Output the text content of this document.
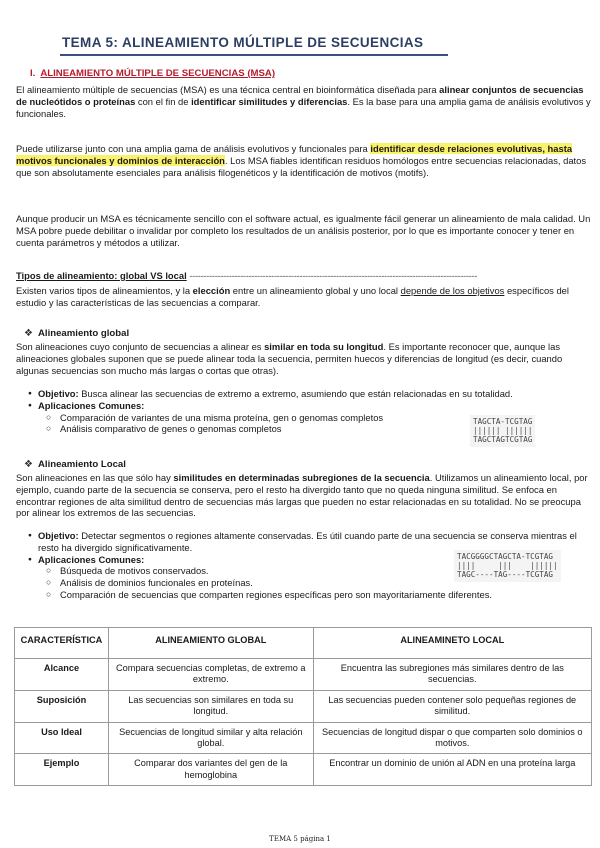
TEMA 5: ALINEAMIENTO MÚLTIPLE DE SECUENCIAS
I. ALINEAMIENTO MÚLTIPLE DE SECUENCIAS (MSA)
El alineamiento múltiple de secuencias (MSA) es una técnica central en bioinformática diseñada para alinear conjuntos de secuencias de nucleótidos o proteínas con el fin de identificar similitudes y diferencias. Es la base para una amplia gama de análisis evolutivos y funcionales.
Puede utilizarse junto con una amplia gama de análisis evolutivos y funcionales para identificar desde relaciones evolutivas, hasta motivos funcionales y dominios de interacción. Los MSA fiables identifican residuos homólogos entre secuencias relacionadas, datos que son absolutamente esenciales para análisis filogenéticos y la identificación de motivos (motifs).
Aunque producir un MSA es técnicamente sencillo con el software actual, es igualmente fácil generar un alineamiento de mala calidad. Un MSA pobre puede debilitar o invalidar por completo los resultados de un análisis posterior, por lo que es importante conocer y tener en cuenta parámetros y métodos a utilizar.
Tipos de alineamiento: global VS local ------------------------------------------------------------------------------------------------------
Existen varios tipos de alineamientos, y la elección entre un alineamiento global y uno local depende de los objetivos específicos del estudio y las características de las secuencias a comparar.
❖ Alineamiento global
Son alineaciones cuyo conjunto de secuencias a alinear es similar en toda su longitud. Es importante reconocer que, aunque las alineaciones globales suponen que se puede alinear toda la secuencia, permiten huecos y diferencias de longitud (es decir, cuando algunas secuencias son mucho más largas o cortas que otras).
● Objetivo: Busca alinear las secuencias de extremo a extremo, asumiendo que están relacionadas en su totalidad.
● Aplicaciones Comunes:
○ Comparación de variantes de una misma proteína, gen o genomas completos
○ Análisis comparativo de genes o genomas completos
TAGCTA-TCGTAG
|||||| ||||||
TAGCTAGTCGTAG
❖ Alineamiento Local
Son alineaciones en las que sólo hay similitudes en determinadas subregiones de la secuencia. Utilizamos un alineamiento local, por ejemplo, cuando parte de la secuencia se conserva, pero el resto ha divergido tanto que no queda ninguna similitud. Se enfoca en encontrar regiones de alta similitud dentro de secuencias más largas que pueden no estar relacionadas en su totalidad. No se preocupa por alinear los extremos de las secuencias.
● Objetivo: Detectar segmentos o regiones altamente conservadas. Es útil cuando parte de una secuencia se conserva mientras el resto ha divergido significativamente.
● Aplicaciones Comunes:
○ Búsqueda de motivos conservados.
○ Análisis de dominios funcionales en proteínas.
○ Comparación de secuencias que comparten regiones específicas pero son mayoritariamente diferentes.
TACGGGGCTAGCTA-TCGTAG
||||     |||    ||||||
TAGC----TAG----TCGTAG
CARACTERÍSTICA	ALINEAMIENTO GLOBAL	ALINEAMINETO LOCAL
Alcance	Compara secuencias completas, de extremo a extremo.	Encuentra las subregiones más similares dentro de las secuencias.
Suposición	Las secuencias son similares en toda su longitud.	Las secuencias pueden contener solo pequeñas regiones de similitud.
Uso Ideal	Secuencias de longitud similar y alta relación global.	Secuencias de longitud dispar o que comparten solo dominios o motivos.
Ejemplo	Comparar dos variantes del gen de la hemoglobina	Encontrar un dominio de unión al ADN en una proteína larga
TEMA 5 página 1
